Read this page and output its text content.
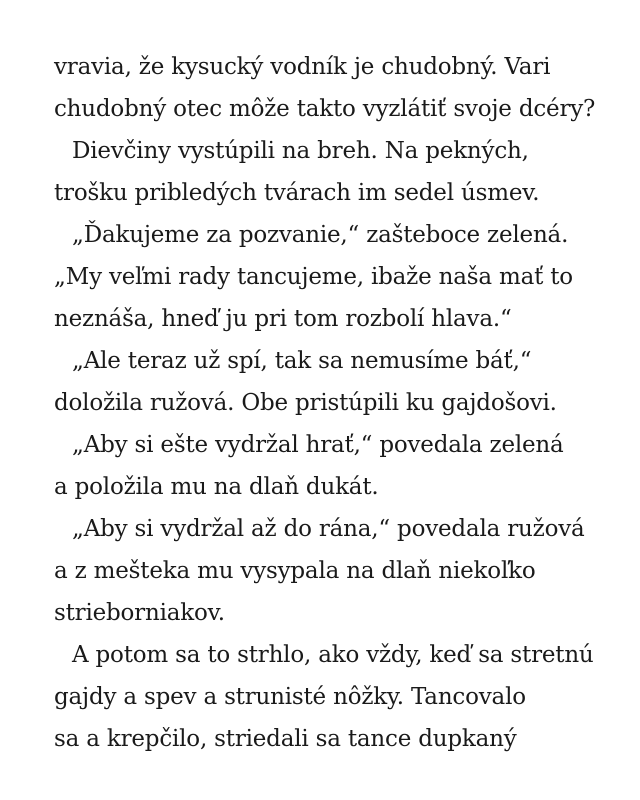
vravia, že kysucký vodník je chudobný. Vari
chudobný otec môže takto vyzlátiť svoje dcéry?
Dievčiny vystúpili na breh. Na pekných,
trošku pribledých tvárach im sedel úsmev.
„Ďakujeme za pozvanie,“ zašteboce zelená.
„My veľmi rady tancujeme, ibaže naša mať to
neznáša, hneď ju pri tom rozbolí hlava.“
„Ale teraz už spí, tak sa nemusíme báť,“
doložila ružová. Obe pristúpili ku gajdošovi.
„Aby si ešte vydržal hrať,“ povedala zelená
a položila mu na dlaň dukát.
„Aby si vydržal až do rána,“ povedala ružová
a z mešteka mu vysypala na dlaň niekoľko
strieborniakov.
A potom sa to strhlo, ako vždy, keď sa stretnú
gajdy a spev a strunisté nôžky. Tancovalo
sa a krepčilo, striedali sa tance dupkaný
